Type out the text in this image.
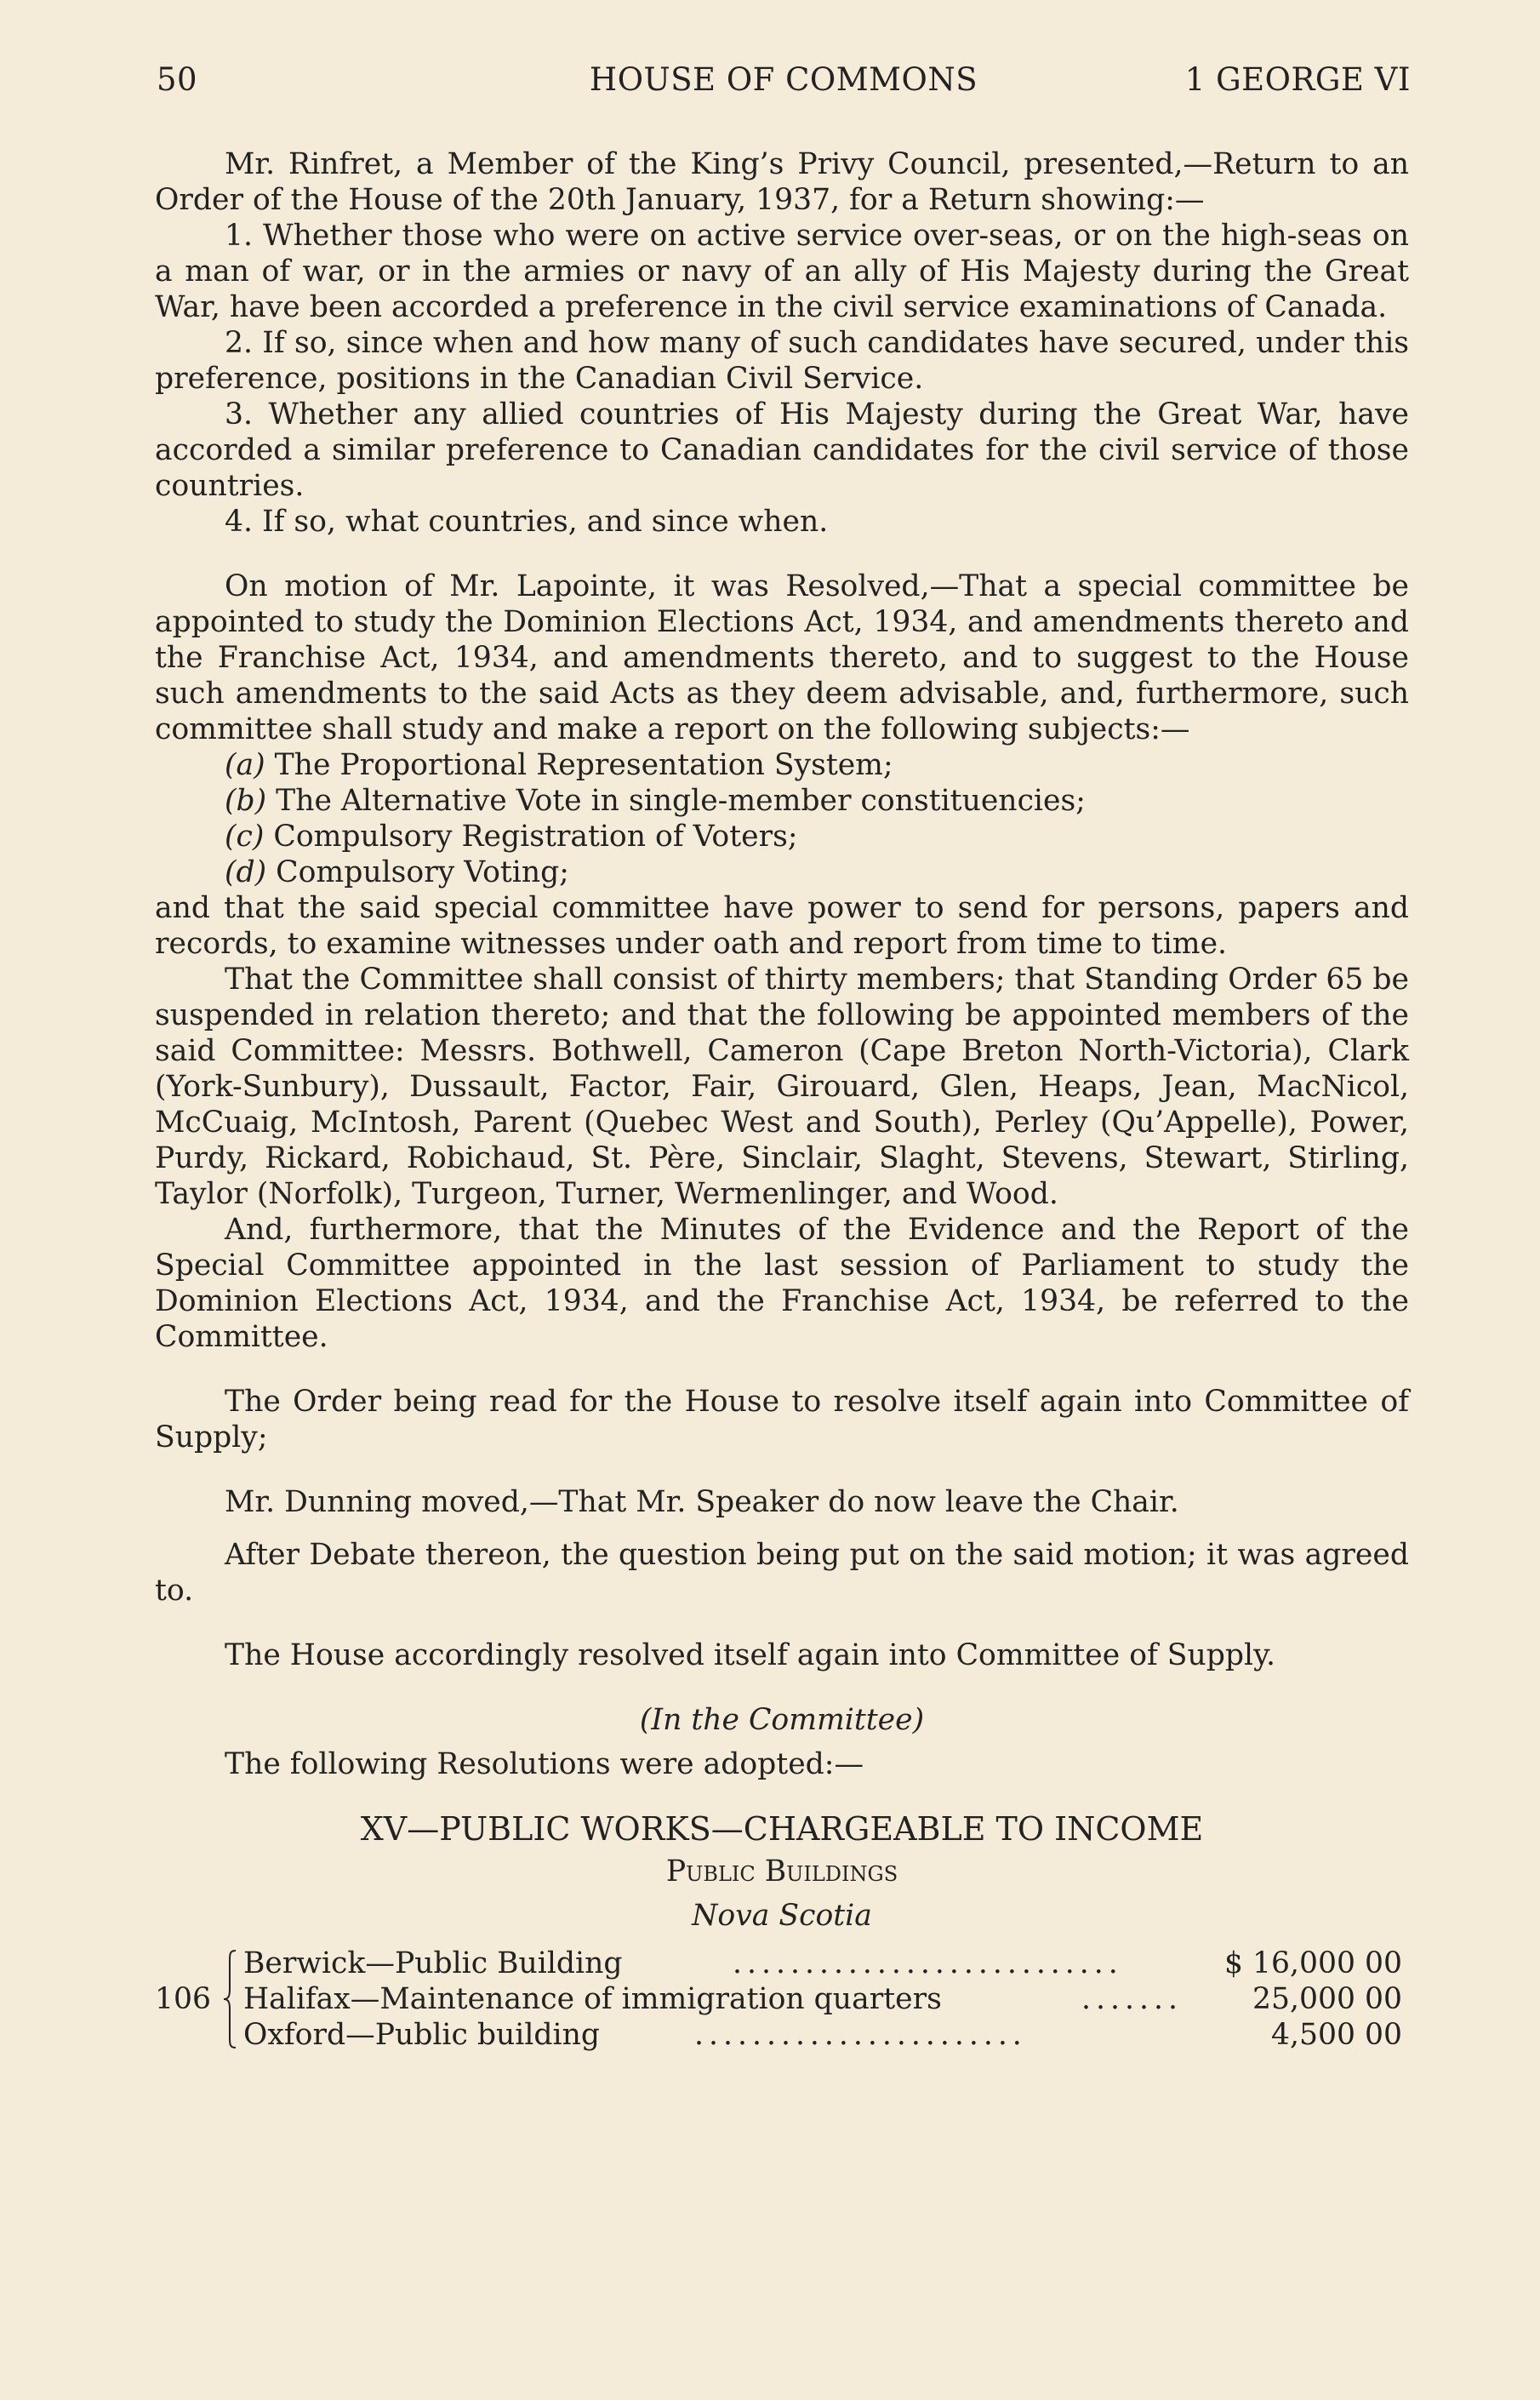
50	HOUSE OF COMMONS	1 GEORGE VI

Mr. Rinfret, a Member of the King’s Privy Council, presented,—Return to an Order of the House of the 20th January, 1937, for a Return showing:—

1. Whether those who were on active service over-seas, or on the high-seas on a man of war, or in the armies or navy of an ally of His Majesty during the Great War, have been accorded a preference in the civil service examinations of Canada.

2. If so, since when and how many of such candidates have secured, under this preference, positions in the Canadian Civil Service.

3. Whether any allied countries of His Majesty during the Great War, have accorded a similar preference to Canadian candidates for the civil service of those countries.

4. If so, what countries, and since when.

On motion of Mr. Lapointe, it was Resolved,—That a special committee be appointed to study the Dominion Elections Act, 1934, and amendments thereto and the Franchise Act, 1934, and amendments thereto, and to suggest to the House such amendments to the said Acts as they deem advisable, and, furthermore, such committee shall study and make a report on the following subjects:—

(a) The Proportional Representation System;
(b) The Alternative Vote in single-member constituencies;
(c) Compulsory Registration of Voters;
(d) Compulsory Voting;

and that the said special committee have power to send for persons, papers and records, to examine witnesses under oath and report from time to time.

That the Committee shall consist of thirty members; that Standing Order 65 be suspended in relation thereto; and that the following be appointed members of the said Committee: Messrs. Bothwell, Cameron (Cape Breton North-Victoria), Clark (York-Sunbury), Dussault, Factor, Fair, Girouard, Glen, Heaps, Jean, MacNicol, McCuaig, McIntosh, Parent (Quebec West and South), Perley (Qu’Appelle), Power, Purdy, Rickard, Robichaud, St. Père, Sinclair, Slaght, Stevens, Stewart, Stirling, Taylor (Norfolk), Turgeon, Turner, Wermenlinger, and Wood.

And, furthermore, that the Minutes of the Evidence and the Report of the Special Committee appointed in the last session of Parliament to study the Dominion Elections Act, 1934, and the Franchise Act, 1934, be referred to the Committee.

The Order being read for the House to resolve itself again into Committee of Supply;

Mr. Dunning moved,—That Mr. Speaker do now leave the Chair.

After Debate thereon, the question being put on the said motion; it was agreed to.

The House accordingly resolved itself again into Committee of Supply.

(In the Committee)

The following Resolutions were adopted:—

XV—PUBLIC WORKS—CHARGEABLE TO INCOME

Public Buildings

Nova Scotia

106
Berwick—Public Building	...........................	$ 16,000 00
Halifax—Maintenance of immigration quarters	.......	25,000 00
Oxford—Public building	.......................	4,500 00
